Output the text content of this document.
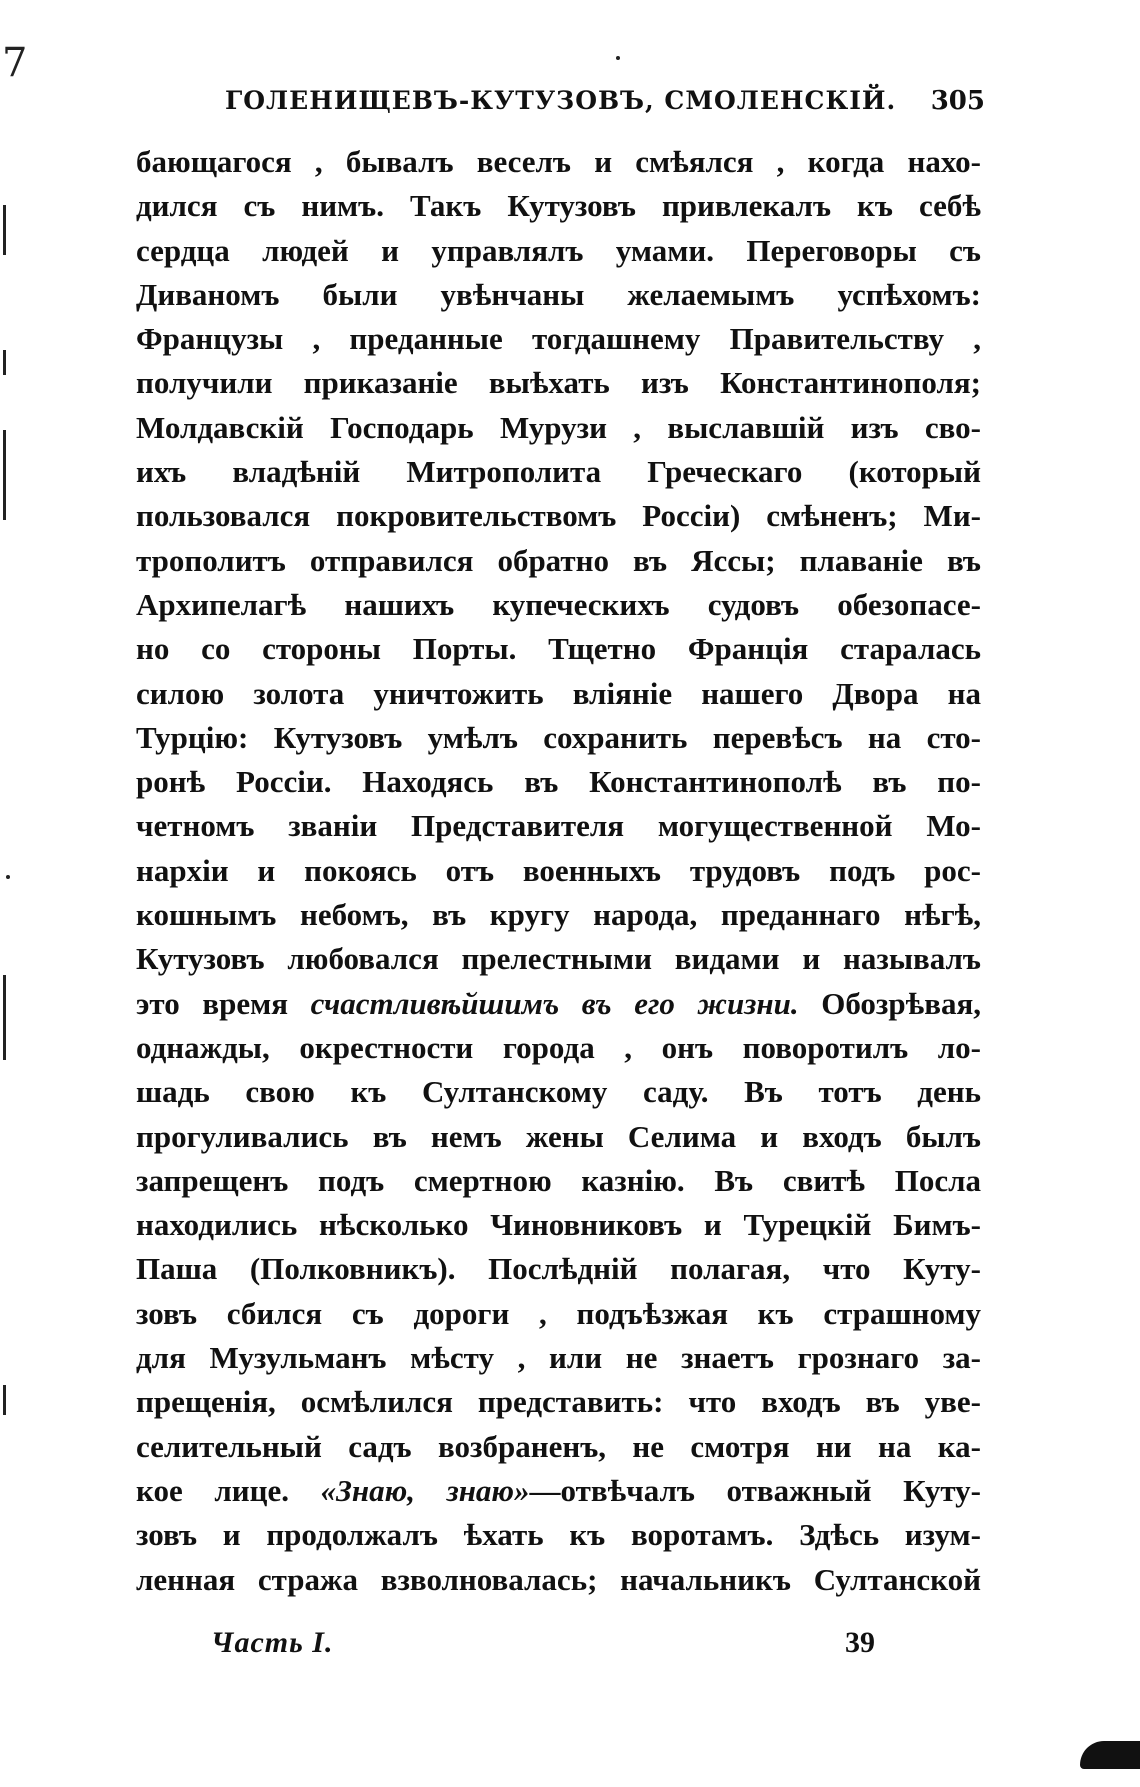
7
ГОЛЕНИЩЕВЪ-КУТУЗОВЪ, СМОЛЕНСКІЙ. 305
бающагося , бывалъ веселъ и смѣялся , когда нахо-
дился съ нимъ. Такъ Кутузовъ привлекалъ къ себѣ
сердца людей и управлялъ умами. Переговоры съ
Диваномъ были увѣнчаны желаемымъ успѣхомъ:
Французы , преданные тогдашнему Правительству ,
получили приказаніе выѣхать изъ Константинополя;
Молдавскій Господарь Мурузи , выславшій изъ сво-
ихъ владѣній Митрополита Греческаго (который
пользовался покровительствомъ Россіи) смѣненъ; Ми-
трополитъ отправился обратно въ Яссы; плаваніе въ
Архипелагѣ нашихъ купеческихъ судовъ обезопасе-
но со стороны Порты. Тщетно Франція старалась
силою золота уничтожить вліяніе нашего Двора на
Турцію: Кутузовъ умѣлъ сохранить перевѣсъ на сто-
ронѣ Россіи. Находясь въ Константинополѣ въ по-
четномъ званіи Представителя могущественной Мо-
нархіи и покоясь отъ военныхъ трудовъ подъ рос-
кошнымъ небомъ, въ кругу народа, преданнаго нѣгѣ,
Кутузовъ любовался прелестными видами и называлъ
это время счастливѣйшимъ въ его жизни. Обозрѣвая,
однажды, окрестности города , онъ поворотилъ ло-
шадь свою къ Султанскому саду. Въ тотъ день
прогуливались въ немъ жены Селима и входъ былъ
запрещенъ подъ смертною казнію. Въ свитѣ Посла
находились нѣсколько Чиновниковъ и Турецкій Бимъ-
Паша (Полковникъ). Послѣдній полагая, что Куту-
зовъ сбился съ дороги , подъѣзжая къ страшному
для Музульманъ мѣсту , или не знаетъ грознаго за-
прещенія, осмѣлился представить: что входъ въ уве-
селительный садъ возбраненъ, не смотря ни на ка-
кое лице. «Знаю, знаю»—отвѣчалъ отважный Куту-
зовъ и продолжалъ ѣхать къ воротамъ. Здѣсь изум-
ленная стража взволновалась; начальникъ Султанской
Часть I.	39
